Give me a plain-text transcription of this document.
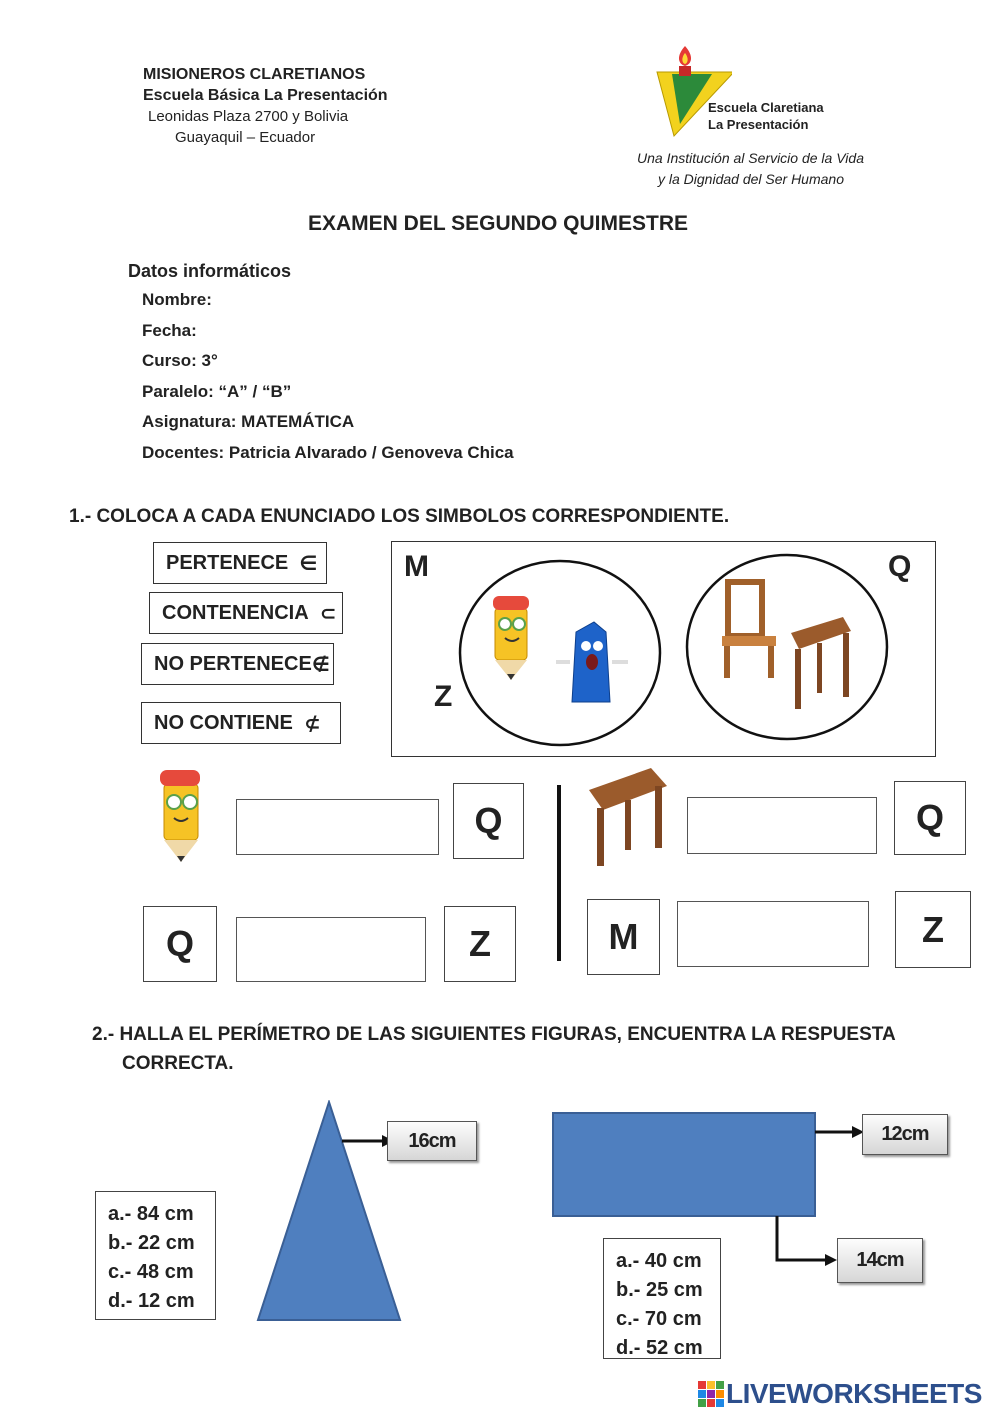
MISIONEROS CLARETIANOS
Escuela Básica La Presentación
Leonidas Plaza 2700 y Bolivia
Guayaquil – Ecuador
Escuela Claretiana
La Presentación
Una Institución al Servicio de la Vida
y la Dignidad del Ser Humano
EXAMEN DEL SEGUNDO QUIMESTRE
Datos informáticos
Nombre:
Fecha:
Curso: 3°
Paralelo: “A” / “B”
Asignatura: MATEMÁTICA
Docentes: Patricia Alvarado / Genoveva Chica
1.- COLOCA A CADA ENUNCIADO LOS SIMBOLOS CORRESPONDIENTE.
PERTENECE
∈
CONTENENCIA
⊂
NO PERTENECE ∉
NO CONTIENE
⊄
M	Q
Z
Q	Q
Q	Z	M	Z
2.- HALLA EL PERÍMETRO DE LAS SIGUIENTES FIGURAS, ENCUENTRA LA RESPUESTA
CORRECTA.
16cm
a.- 84 cm
b.- 22 cm
c.- 48 cm
d.- 12 cm
12cm
14cm
a.- 40 cm
b.- 25 cm
c.- 70 cm
d.- 52 cm
LIVEWORKSHEETS
